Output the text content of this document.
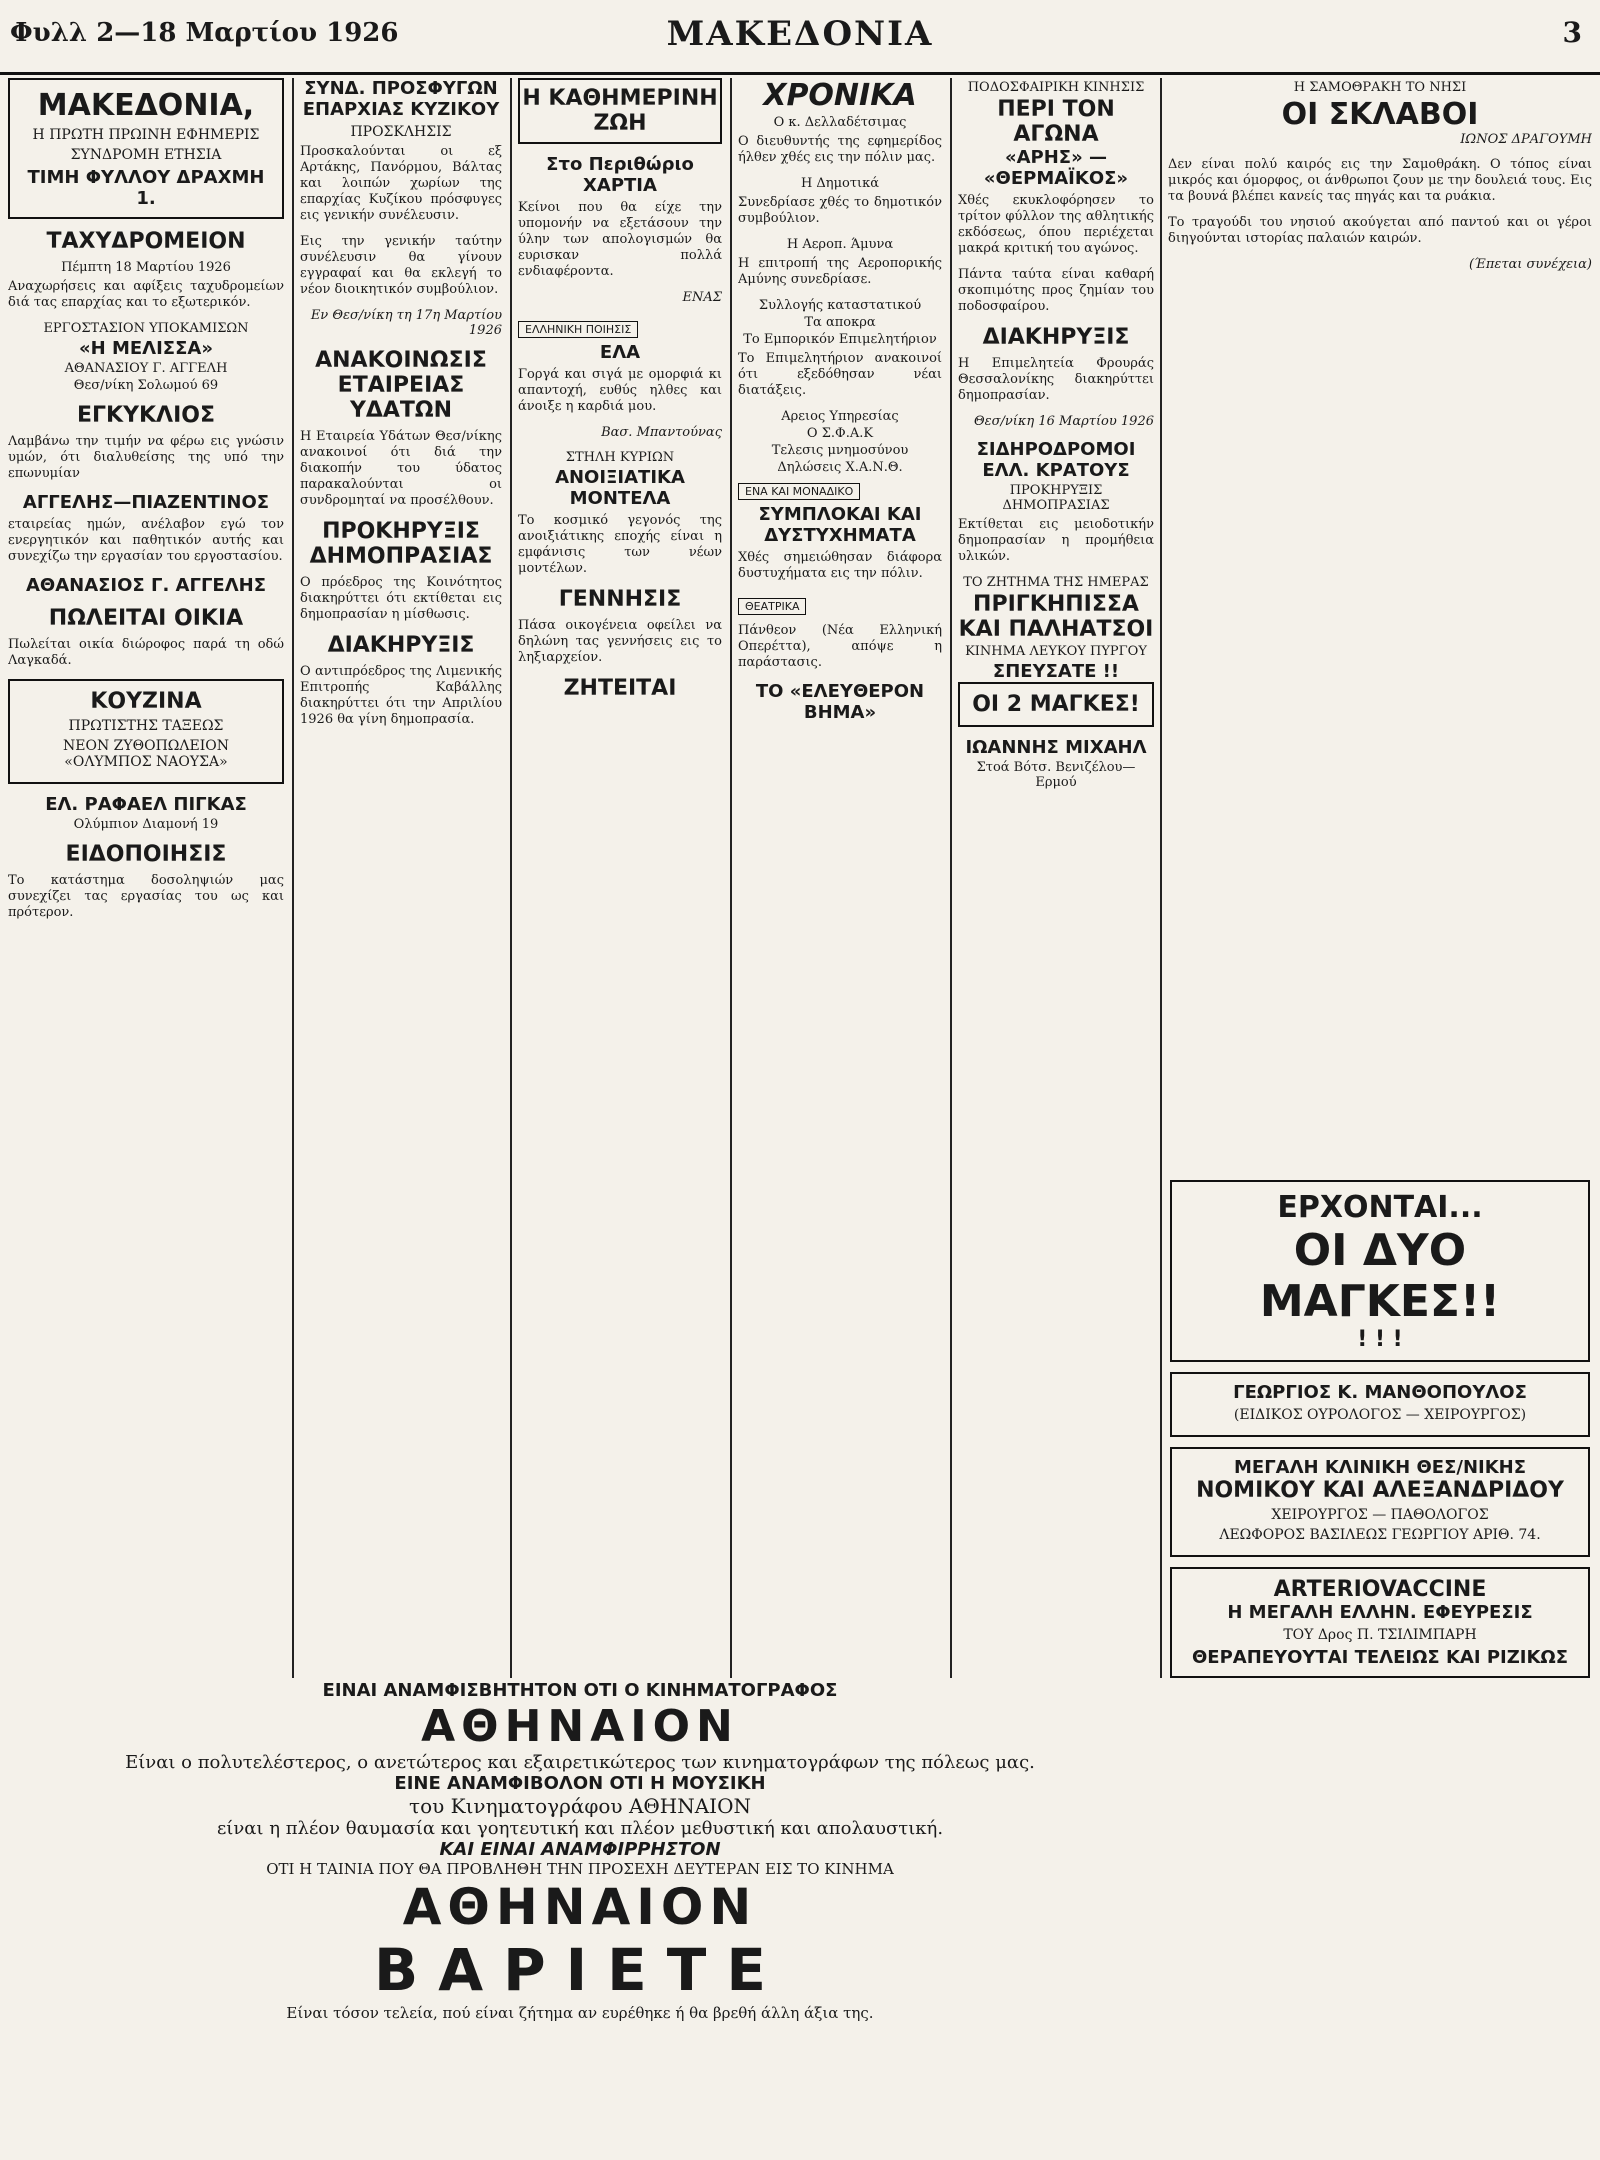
Φυλλ 2—18 Μαρτίου 1926	ΜΑΚΕΔΟΝΙΑ	3
ΜΑΚΕΔΟΝΙΑ,
Η ΠΡΩΤΗ ΠΡΩΙΝΗ ΕΦΗΜΕΡΙΣ
ΣΥΝΔΡΟΜΗ ΕΤΗΣΙΑ
ΤΙΜΗ ΦΥΛΛΟΥ ΔΡΑΧΜΗ 1.
ΤΑΧΥΔΡΟΜΕΙΟΝ
Πέμπτη 18 Μαρτίου 1926

Αναχωρήσεις και αφίξεις ταχυδρομείων διά τας επαρχίας και το εξωτερικόν.

ΕΡΓΟΣΤΑΣΙΟΝ ΥΠΟΚΑΜΙΣΩΝ
«Η ΜΕΛΙΣΣΑ»
ΑΘΑΝΑΣΙΟΥ Γ. ΑΓΓΕΛΗ
Θεσ/νίκη Σολωμού 69
ΕΓΚΥΚΛΙΟΣ

Λαμβάνω την τιμήν να φέρω εις γνώσιν υμών, ότι διαλυθείσης της υπό την επωνυμίαν

ΑΓΓΕΛΗΣ—ΠΙΑΖΕΝΤΙΝΟΣ

εταιρείας ημών, ανέλαβον εγώ τον ενεργητικόν και παθητικόν αυτής και συνεχίζω την εργασίαν του εργοστασίου.

ΑΘΑΝΑΣΙΟΣ Γ. ΑΓΓΕΛΗΣ
ΠΩΛΕΙΤΑΙ ΟΙΚΙΑ

Πωλείται οικία διώροφος παρά τη οδώ Λαγκαδά.

ΚΟΥΖΙΝΑ
ΠΡΩΤΙΣΤΗΣ ΤΑΞΕΩΣ
ΝΕΟΝ ΖΥΘΟΠΩΛΕΙΟΝ «ΟΛΥΜΠΟΣ ΝΑΟΥΣΑ»
ΕΛ. ΡΑΦΑΕΛ ΠΙΓΚΑΣ
Ολύμπιον Διαμονή 19
ΕΙΔΟΠΟΙΗΣΙΣ

Το κατάστημα δοσοληψιών μας συνεχίζει τας εργασίας του ως και πρότερον.

ΣΥΝΔ. ΠΡΟΣΦΥΓΩΝ ΕΠΑΡΧΙΑΣ ΚΥΖΙΚΟΥ
ΠΡΟΣΚΛΗΣΙΣ

Προσκαλούνται οι εξ Αρτάκης, Πανόρμου, Βάλτας και λοιπών χωρίων της επαρχίας Κυζίκου πρόσφυγες εις γενικήν συνέλευσιν.

Εις την γενικήν ταύτην συνέλευσιν θα γίνουν εγγραφαί και θα εκλεγή το νέον διοικητικόν συμβούλιον.

Εν Θεσ/νίκη τη 17η Μαρτίου 1926
ΑΝΑΚΟΙΝΩΣΙΣ ΕΤΑΙΡΕΙΑΣ ΥΔΑΤΩΝ

Η Εταιρεία Υδάτων Θεσ/νίκης ανακοινοί ότι διά την διακοπήν του ύδατος παρακαλούνται οι συνδρομηταί να προσέλθουν.

ΠΡΟΚΗΡΥΞΙΣ ΔΗΜΟΠΡΑΣΙΑΣ

Ο πρόεδρος της Κοινότητος διακηρύττει ότι εκτίθεται εις δημοπρασίαν η μίσθωσις.

ΔΙΑΚΗΡΥΞΙΣ

Ο αντιπρόεδρος της Λιμενικής Επιτροπής Καβάλλης διακηρύττει ότι την Απριλίου 1926 θα γίνη δημοπρασία.

Η ΚΑΘΗΜΕΡΙΝΗ ΖΩΗ
Στο Περιθώριο
ΧΑΡΤΙΑ

Κείνοι που θα είχε την υπομονήν να εξετάσουν την ύλην των απολογισμών θα ευρισκαν πολλά ενδιαφέροντα.

ΕΝΑΣ
ΕΛΛΗΝΙΚΗ ΠΟΙΗΣΙΣ
ΕΛΑ

Γοργά και σιγά με ομορφιά κι απαντοχή, ευθύς ηλθες και άνοιξε η καρδιά μου.

Βασ. Μπαντούνας
ΣΤΗΛΗ ΚΥΡΙΩΝ
ΑΝΟΙΞΙΑΤΙΚΑ ΜΟΝΤΕΛΑ

Το κοσμικό γεγονός της ανοιξιάτικης εποχής είναι η εμφάνισις των νέων μοντέλων.

ΓΕΝΝΗΣΙΣ

Πάσα οικογένεια οφείλει να δηλώνη τας γεννήσεις εις το ληξιαρχείον.

ΖΗΤΕΙΤΑΙ
ΧΡΟΝΙΚΑ
Ο κ. Δελλαδέτσιμας

Ο διευθυντής της εφημερίδος ήλθεν χθές εις την πόλιν μας.

Η Δημοτικά

Συνεδρίασε χθές το δημοτικόν συμβούλιον.

Η Αεροπ. Άμυνα

Η επιτροπή της Αεροπορικής Αμύνης συνεδρίασε.

Συλλογής καταστατικού
Τα αποκρα
Το Εμπορικόν Επιμελητήριον

Το Επιμελητήριον ανακοινοί ότι εξεδόθησαν νέαι διατάξεις.

Αρειος Υπηρεσίας
Ο Σ.Φ.Α.Κ
Τελεσις μνημοσύνου
Δηλώσεις Χ.Α.Ν.Θ.
ΕΝΑ ΚΑΙ ΜΟΝΑΔΙΚΟ
ΣΥΜΠΛΟΚΑΙ ΚΑΙ ΔΥΣΤΥΧΗΜΑΤΑ

Χθές σημειώθησαν διάφορα δυστυχήματα εις την πόλιν.

ΘΕΑΤΡΙΚΑ

Πάνθεον (Νέα Ελληνική Οπερέττα), απόψε η παράστασις.

ΤΟ «ΕΛΕΥΘΕΡΟΝ ΒΗΜΑ»
ΠΟΔΟΣΦΑΙΡΙΚΗ ΚΙΝΗΣΙΣ
ΠΕΡΙ ΤΟΝ ΑΓΩΝΑ
«ΑΡΗΣ» — «ΘΕΡΜΑΪΚΟΣ»

Χθές εκυκλοφόρησεν το τρίτον φύλλον της αθλητικής εκδόσεως, όπου περιέχεται μακρά κριτική του αγώνος.

Πάντα ταύτα είναι καθαρή σκοπιμότης προς ζημίαν του ποδοσφαίρου.

ΔΙΑΚΗΡΥΞΙΣ

Η Επιμελητεία Φρουράς Θεσσαλονίκης διακηρύττει δημοπρασίαν.

Θεσ/νίκη 16 Μαρτίου 1926
ΣΙΔΗΡΟΔΡΟΜΟΙ ΕΛΛ. ΚΡΑΤΟΥΣ
ΠΡΟΚΗΡΥΞΙΣ ΔΗΜΟΠΡΑΣΙΑΣ

Εκτίθεται εις μειοδοτικήν δημοπρασίαν η προμήθεια υλικών.

ΤΟ ΖΗΤΗΜΑ ΤΗΣ ΗΜΕΡΑΣ
ΠΡΙΓΚΗΠΙΣΣΑ ΚΑΙ ΠΑΛΗΑΤΣΟΙ
ΚΙΝΗΜΑ ΛΕΥΚΟΥ ΠΥΡΓΟΥ
ΣΠΕΥΣΑΤΕ !!
ΟΙ 2 ΜΑΓΚΕΣ!
ΙΩΑΝΝΗΣ ΜΙΧΑΗΛ
Στοά Βότσ. Βενιζέλου—Ερμού
Η ΣΑΜΟΘΡΑΚΗ ΤΟ ΝΗΣΙ
ΟΙ ΣΚΛΑΒΟΙ
ΙΩΝΟΣ ΔΡΑΓΟΥΜΗ

Δεν είναι πολύ καιρός εις την Σαμοθράκη. Ο τόπος είναι μικρός και όμορφος, οι άνθρωποι ζουν με την δουλειά τους. Εις τα βουνά βλέπει κανείς τας πηγάς και τα ρυάκια.

Το τραγούδι του νησιού ακούγεται από παντού και οι γέροι διηγούνται ιστορίας παλαιών καιρών.

(Έπεται συνέχεια)
ΕΡΧΟΝΤΑΙ...
ΟΙ ΔΥΟ ΜΑΓΚΕΣ!!
! ! !
ΓΕΩΡΓΙΟΣ Κ. ΜΑΝΘΟΠΟΥΛΟΣ
(ΕΙΔΙΚΟΣ ΟΥΡΟΛΟΓΟΣ — ΧΕΙΡΟΥΡΓΟΣ)
ΜΕΓΑΛΗ ΚΛΙΝΙΚΗ ΘΕΣ/ΝΙΚΗΣ
ΝΟΜΙΚΟΥ ΚΑΙ ΑΛΕΞΑΝΔΡΙΔΟΥ
ΧΕΙΡΟΥΡΓΟΣ — ΠΑΘΟΛΟΓΟΣ
ΛΕΩΦΟΡΟΣ ΒΑΣΙΛΕΩΣ ΓΕΩΡΓΙΟΥ ΑΡΙΘ. 74.
ARTERIOVACCINE
Η ΜΕΓΑΛΗ ΕΛΛΗΝ. ΕΦΕΥΡΕΣΙΣ
ΤΟΥ Δρος Π. ΤΣΙΛΙΜΠΑΡΗ
ΘΕΡΑΠΕΥΟΥΤΑΙ ΤΕΛΕΙΩΣ ΚΑΙ ΡΙΖΙΚΩΣ
ΕΙΝΑΙ ΑΝΑΜΦΙΣΒΗΤΗΤΟΝ ΟΤΙ Ο ΚΙΝΗΜΑΤΟΓΡΑΦΟΣ
ΑΘΗΝΑΙΟΝ
Είναι ο πολυτελέστερος, ο ανετώτερος και εξαιρετικώτερος των κινηματογράφων της πόλεως μας.
ΕΙΝΕ ΑΝΑΜΦΙΒΟΛΟΝ ΟΤΙ Η ΜΟΥΣΙΚΗ
του Κινηματογράφου ΑΘΗΝΑΙΟΝ
είναι η πλέον θαυμασία και γοητευτική και πλέον μεθυστική και απολαυστική.
ΚΑΙ ΕΙΝΑΙ ΑΝΑΜΦΙΡΡΗΣΤΟΝ
ΟΤΙ Η ΤΑΙΝΙΑ ΠΟΥ ΘΑ ΠΡΟΒΛΗΘΗ ΤΗΝ ΠΡΟΣΕΧΗ ΔΕΥΤΕΡΑΝ ΕΙΣ ΤΟ ΚΙΝΗΜΑ
ΑΘΗΝΑΙΟΝ
ΒΑΡΙΕΤΕ
Είναι τόσον τελεία, πού είναι ζήτημα αν ευρέθηκε ή θα βρεθή άλλη άξια της.
